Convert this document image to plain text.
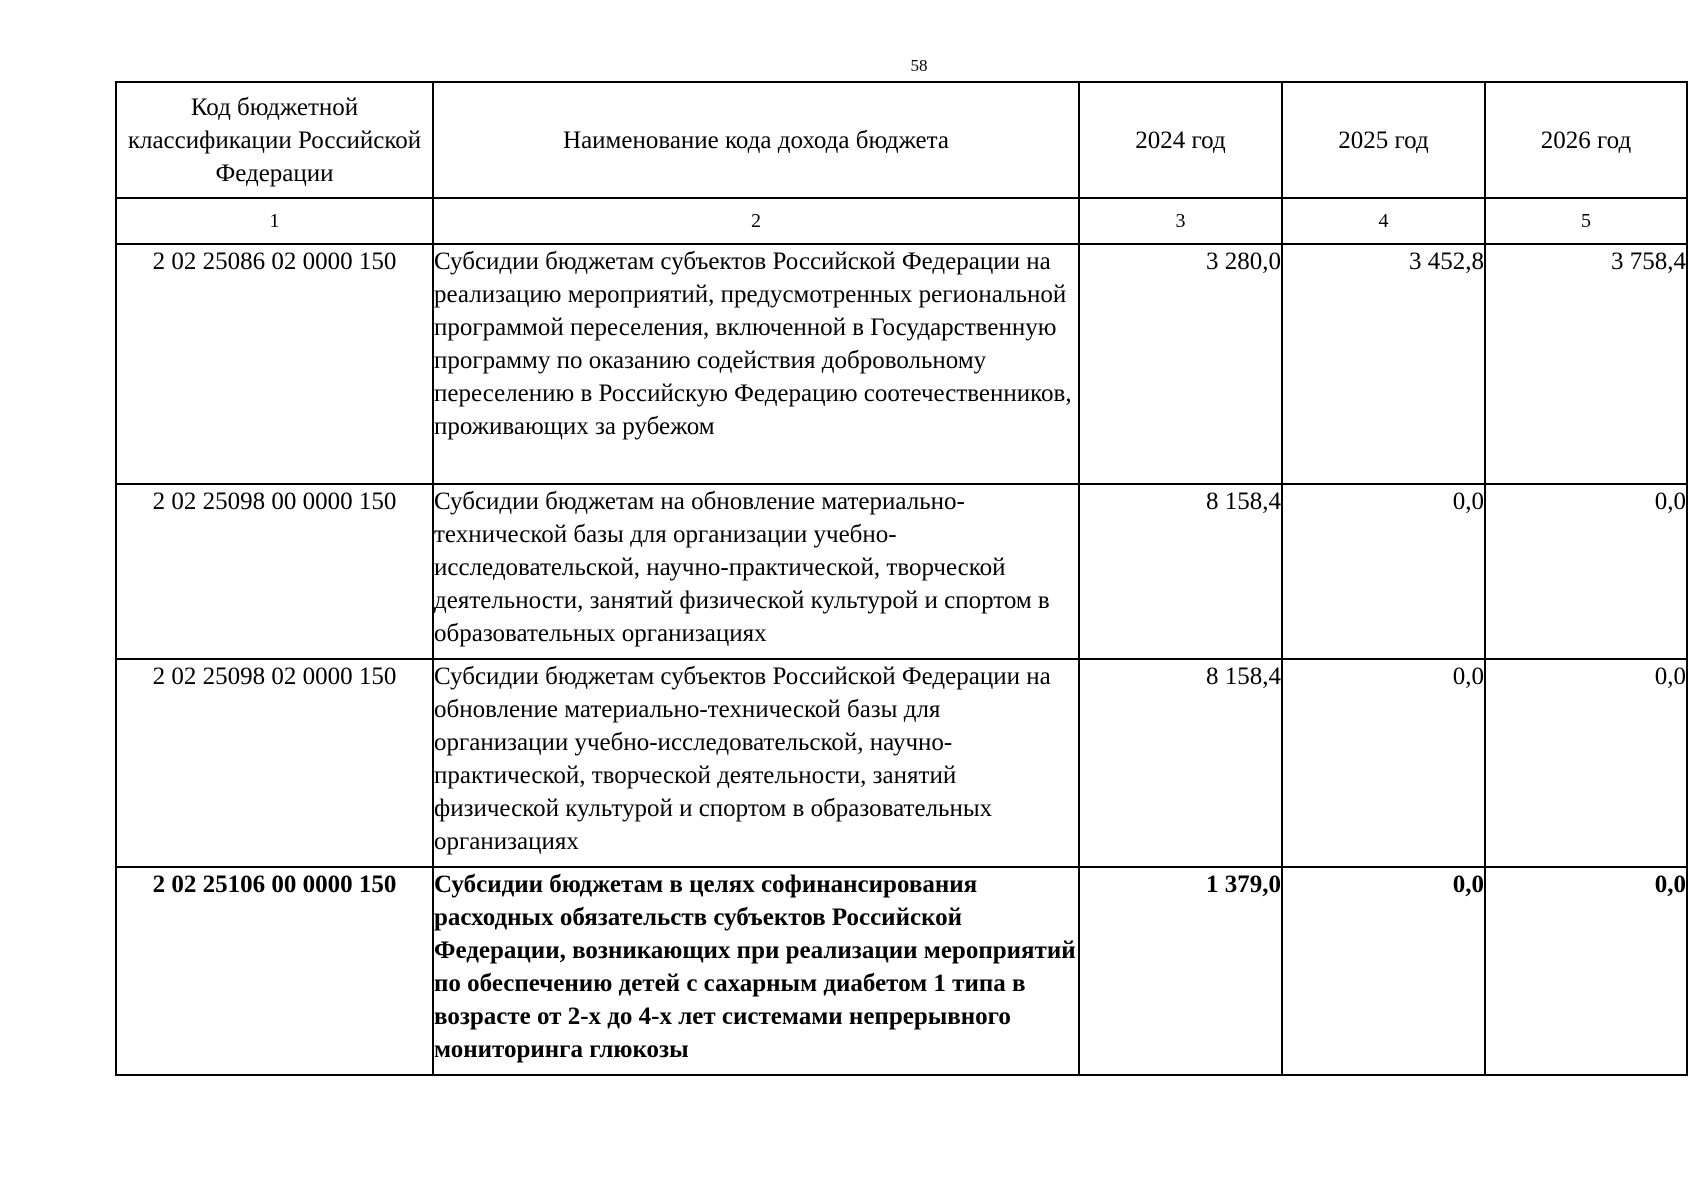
58
Код бюджетной классификации Российской Федерации	Наименование кода дохода бюджета	2024 год	2025 год	2026 год
1	2	3	4	5
2 02 25086 02 0000 150	Субсидии бюджетам субъектов Российской Федерации на реализацию мероприятий, предусмотренных региональной программой переселения, включенной в Государственную программу по оказанию содействия добровольному переселению в Российскую Федерацию соотечественников, проживающих за рубежом	3 280,0	3 452,8	3 758,4
2 02 25098 00 0000 150	Субсидии бюджетам на обновление материально-технической базы для организации учебно-исследовательской, научно-практической, творческой деятельности, занятий физической культурой и спортом в образовательных организациях	8 158,4	0,0	0,0
2 02 25098 02 0000 150	Субсидии бюджетам субъектов Российской Федерации на обновление материально-технической базы для организации учебно-исследовательской, научно-практической, творческой деятельности, занятий физической культурой и спортом в образовательных организациях	8 158,4	0,0	0,0
2 02 25106 00 0000 150	Субсидии бюджетам в целях софинансирования расходных обязательств субъектов Российской Федерации, возникающих при реализации мероприятий по обеспечению детей с сахарным диабетом 1 типа в возрасте от 2-х до 4-х лет системами непрерывного мониторинга глюкозы	1 379,0	0,0	0,0
